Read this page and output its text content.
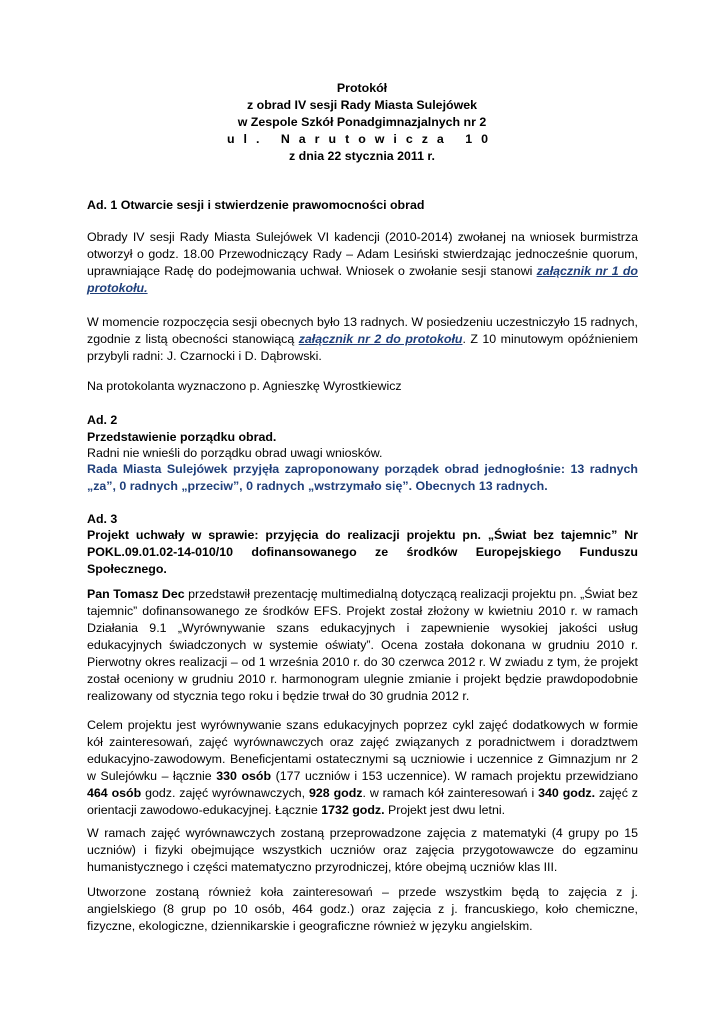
Protokół
z obrad IV sesji Rady Miasta Sulejówek
w Zespole Szkół Ponadgimnazjalnych nr 2
ul. Narutowicza 10
z dnia 22 stycznia 2011 r.
Ad. 1 Otwarcie sesji i stwierdzenie prawomocności obrad

Obrady IV sesji Rady Miasta Sulejówek VI kadencji (2010-2014) zwołanej na wniosek burmistrza otworzył o godz. 18.00 Przewodniczący Rady – Adam Lesiński stwierdzając jednocześnie quorum, uprawniające Radę do podejmowania uchwał. Wniosek o zwołanie sesji stanowi załącznik nr 1 do protokołu.

W momencie rozpoczęcia sesji obecnych było 13 radnych. W posiedzeniu uczestniczyło 15 radnych, zgodnie z listą obecności stanowiącą załącznik nr 2 do protokołu. Z 10 minutowym opóźnieniem przybyli radni: J. Czarnocki i D. Dąbrowski.

Na protokolanta wyznaczono p. Agnieszkę Wyrostkiewicz

Ad. 2
Przedstawienie porządku obrad.
Radni nie wnieśli do porządku obrad uwagi wniosków.

Rada Miasta Sulejówek przyjęła zaproponowany porządek obrad jednogłośnie: 13 radnych „za”, 0 radnych „przeciw”, 0 radnych „wstrzymało się”. Obecnych 13 radnych.

Ad. 3

Projekt uchwały w sprawie: przyjęcia do realizacji projektu pn. „Świat bez tajemnic” Nr POKL.09.01.02-14-010/10 dofinansowanego ze środków Europejskiego Funduszu Społecznego.

Pan Tomasz Dec przedstawił prezentację multimedialną dotyczącą realizacji projektu pn. „Świat bez tajemnic” dofinansowanego ze środków EFS. Projekt został złożony w kwietniu 2010 r. w ramach Działania 9.1 „Wyrównywanie szans edukacyjnych i zapewnienie wysokiej jakości usług edukacyjnych świadczonych w systemie oświaty”. Ocena została dokonana w grudniu 2010 r. Pierwotny okres realizacji – od 1 września 2010 r. do 30 czerwca 2012 r. W zwiadu z tym, że projekt został oceniony w grudniu 2010 r. harmonogram ulegnie zmianie i projekt będzie prawdopodobnie realizowany od stycznia tego roku i będzie trwał do 30 grudnia 2012 r.

Celem projektu jest wyrównywanie szans edukacyjnych poprzez cykl zajęć dodatkowych w formie kół zainteresowań, zajęć wyrównawczych oraz zajęć związanych z poradnictwem i doradztwem edukacyjno-zawodowym. Beneficjentami ostatecznymi są uczniowie i uczennice z Gimnazjum nr 2 w Sulejówku – łącznie 330 osób (177 uczniów i 153 uczennice). W ramach projektu przewidziano 464 osób godz. zajęć wyrównawczych, 928 godz. w ramach kół zainteresowań i 340 godz. zajęć z orientacji zawodowo-edukacyjnej. Łącznie 1732 godz. Projekt jest dwu letni.

W ramach zajęć wyrównawczych zostaną przeprowadzone zajęcia z matematyki (4 grupy po 15 uczniów) i fizyki obejmujące wszystkich uczniów oraz zajęcia przygotowawcze do egzaminu humanistycznego i części matematyczno przyrodniczej, które obejmą uczniów klas III.

Utworzone zostaną również koła zainteresowań – przede wszystkim będą to zajęcia z j. angielskiego (8 grup po 10 osób, 464 godz.) oraz zajęcia z j. francuskiego, koło chemiczne, fizyczne, ekologiczne, dziennikarskie i geograficzne również w języku angielskim.
